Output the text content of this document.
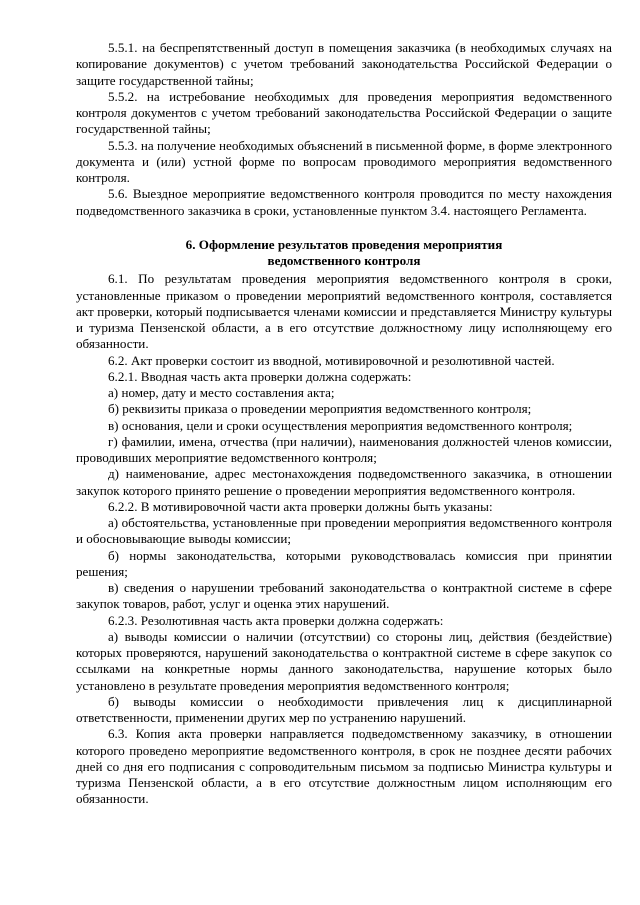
5.5.1. на беспрепятственный доступ в помещения заказчика (в необходимых случаях на копирование документов) с учетом требований законодательства Российской Федерации о защите государственной тайны;

5.5.2. на истребование необходимых для проведения мероприятия ведомственного контроля документов с учетом требований законодательства Российской Федерации о защите государственной тайны;

5.5.3. на получение необходимых объяснений в письменной форме, в форме электронного документа и (или) устной форме по вопросам проводимого мероприятия ведомственного контроля.

5.6. Выездное мероприятие ведомственного контроля проводится по месту нахождения подведомственного заказчика в сроки, установленные пунктом 3.4. настоящего Регламента.

6. Оформление результатов проведения мероприятия
ведомственного контроля

6.1. По результатам проведения мероприятия ведомственного контроля в сроки, установленные приказом о проведении мероприятий ведомственного контроля, составляется акт проверки, который подписывается членами комиссии и представляется Министру культуры и туризма Пензенской области, а в его отсутствие должностному лицу исполняющему его обязанности.

6.2. Акт проверки состоит из вводной, мотивировочной и резолютивной частей.

6.2.1. Вводная часть акта проверки должна содержать:

а) номер, дату и место составления акта;

б) реквизиты приказа о проведении мероприятия ведомственного контроля;

в) основания, цели и сроки осуществления мероприятия ведомственного контроля;

г) фамилии, имена, отчества (при наличии), наименования должностей членов комиссии, проводивших мероприятие ведомственного контроля;

д) наименование, адрес местонахождения подведомственного заказчика, в отношении закупок которого принято решение о проведении мероприятия ведомственного контроля.

6.2.2. В мотивировочной части акта проверки должны быть указаны:

а) обстоятельства, установленные при проведении мероприятия ведомственного контроля и обосновывающие выводы комиссии;

б) нормы законодательства, которыми руководствовалась комиссия при принятии решения;

в) сведения о нарушении требований законодательства о контрактной системе в сфере закупок товаров, работ, услуг и оценка этих нарушений.

6.2.3. Резолютивная часть акта проверки должна содержать:

а) выводы комиссии о наличии (отсутствии) со стороны лиц, действия (бездействие) которых проверяются, нарушений законодательства о контрактной системе в сфере закупок со ссылками на конкретные нормы данного законодательства, нарушение которых было установлено в результате проведения мероприятия ведомственного контроля;

б) выводы комиссии о необходимости привлечения лиц к дисциплинарной ответственности, применении других мер по устранению нарушений.

6.3. Копия акта проверки направляется подведомственному заказчику, в отношении которого проведено мероприятие ведомственного контроля, в срок не позднее десяти рабочих дней со дня его подписания с сопроводительным письмом за подписью Министра культуры и туризма Пензенской области, а в его отсутствие должностным лицом исполняющим его обязанности.
